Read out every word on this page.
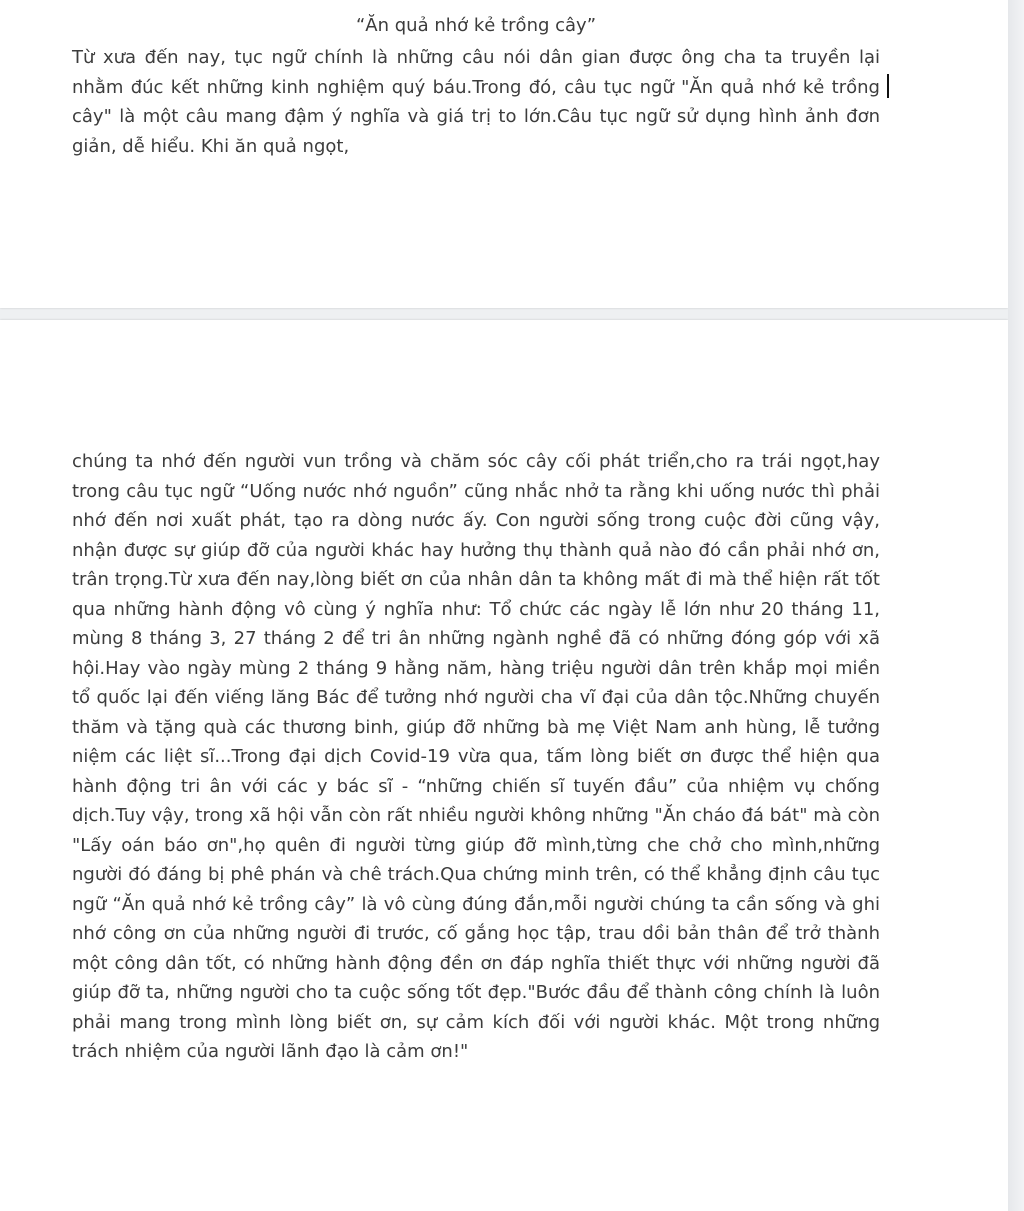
“Ăn quả nhớ kẻ trồng cây”

Từ xưa đến nay, tục ngữ chính là những câu nói dân gian được ông cha ta truyền lại nhằm đúc kết những kinh nghiệm quý báu.Trong đó, câu tục ngữ "Ăn quả nhớ kẻ trồng cây" là một câu mang đậm ý nghĩa và giá trị to lớn.Câu tục ngữ sử dụng hình ảnh đơn giản, dễ hiểu. Khi ăn quả ngọt,

chúng ta nhớ đến người vun trồng và chăm sóc cây cối phát triển,cho ra trái ngọt,hay trong câu tục ngữ “Uống nước nhớ nguồn” cũng nhắc nhở ta rằng khi uống nước thì phải nhớ đến nơi xuất phát, tạo ra dòng nước ấy. Con người sống trong cuộc đời cũng vậy, nhận được sự giúp đỡ của người khác hay hưởng thụ thành quả nào đó cần phải nhớ ơn, trân trọng.Từ xưa đến nay,lòng biết ơn của nhân dân ta không mất đi mà thể hiện rất tốt qua những hành động vô cùng ý nghĩa như: Tổ chức các ngày lễ lớn như 20 tháng 11, mùng 8 tháng 3, 27 tháng 2 để tri ân những ngành nghề đã có những đóng góp với xã hội.Hay vào ngày mùng 2 tháng 9 hằng năm, hàng triệu người dân trên khắp mọi miền tổ quốc lại đến viếng lăng Bác để tưởng nhớ người cha vĩ đại của dân tộc.Những chuyến thăm và tặng quà các thương binh, giúp đỡ những bà mẹ Việt Nam anh hùng, lễ tưởng niệm các liệt sĩ...Trong đại dịch Covid-19 vừa qua, tấm lòng biết ơn được thể hiện qua hành động tri ân với các y bác sĩ - “những chiến sĩ tuyến đầu” của nhiệm vụ chống dịch.Tuy vậy, trong xã hội vẫn còn rất nhiều người không những "Ăn cháo đá bát" mà còn "Lấy oán báo ơn",họ quên đi người từng giúp đỡ mình,từng che chở cho mình,những người đó đáng bị phê phán và chê trách.Qua chứng minh trên, có thể khẳng định câu tục ngữ “Ăn quả nhớ kẻ trồng cây” là vô cùng đúng đắn,mỗi người chúng ta cần sống và ghi nhớ công ơn của những người đi trước, cố gắng học tập, trau dồi bản thân để trở thành một công dân tốt, có những hành động đền ơn đáp nghĩa thiết thực với những người đã giúp đỡ ta, những người cho ta cuộc sống tốt đẹp."Bước đầu để thành công chính là luôn phải mang trong mình lòng biết ơn, sự cảm kích đối với người khác. Một trong những trách nhiệm của người lãnh đạo là cảm ơn!"
